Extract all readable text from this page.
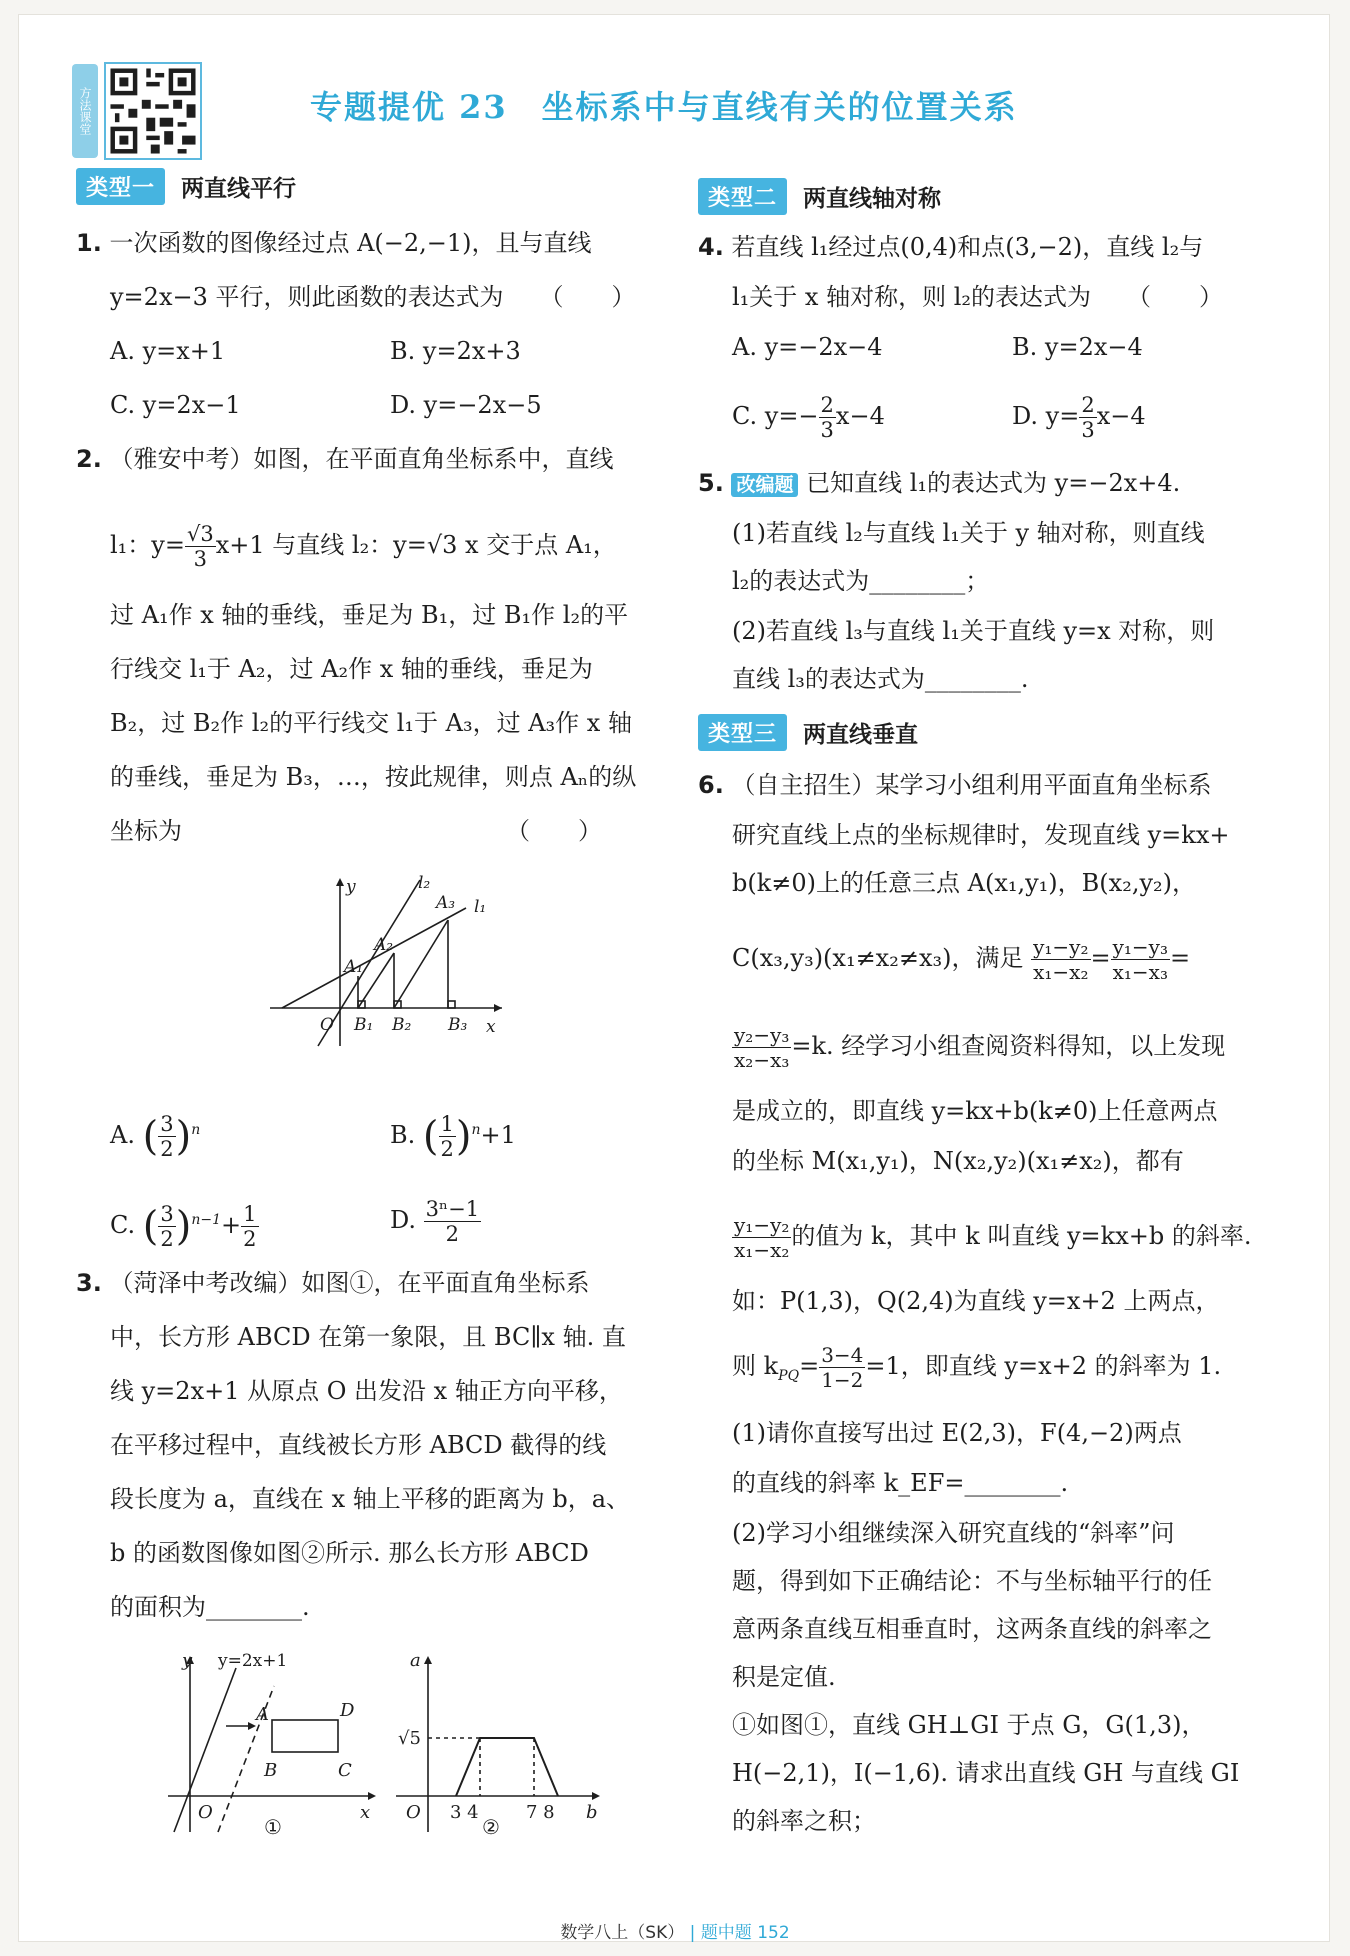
方法课堂	专题提优 23　坐标系中与直线有关的位置关系
类型一	两直线平行
1. 一次函数的图像经过点 A(−2,−1)，且与直线
y=2x−3 平行，则此函数的表达式为　　（　　）
A. y=x+1	B. y=2x+3
C. y=2x−1	D. y=−2x−5
2. （雅安中考）如图，在平面直角坐标系中，直线
l₁：$y= \frac{√3}{3} x+1$ 与直线 l₂：y=√3 x 交于点 A₁，
过 A₁作 x 轴的垂线，垂足为 B₁，过 B₁作 l₂的平
行线交 l₁于 A₂，过 A₂作 x 轴的垂线，垂足为
B₂，过 B₂作 l₂的平行线交 l₁于 A₃，过 A₃作 x 轴
的垂线，垂足为 B₃，…，按此规律，则点 Aₙ的纵
坐标为　　　　　　　　　　　　　　（　　）
y
x
O
l₁
l₂
A₁
A₂
A₃
B₁ B₂ B₃
A. ( $\frac{3}{2} )^n$	B. ( $\frac{1}{2} )^n+1$
C. ( $\frac{3}{2} )^{n-1}+ \frac{1}{2}$	D. $\frac{\text{3ⁿ−1}}{2}$
3. （菏泽中考改编）如图①，在平面直角坐标系
中，长方形 ABCD 在第一象限，且 BC∥x 轴. 直
线 y=2x+1 从原点 O 出发沿 x 轴正方向平移，
在平移过程中，直线被长方形 ABCD 截得的线
段长度为 a，直线在 x 轴上平移的距离为 b，a、
b 的函数图像如图②所示. 那么长方形 ABCD
的面积为________.
y y=2x+1
A	D
B	C
O	x
①
a
√5
O 3 4	7 8 b
②
类型二	两直线轴对称
4. 若直线 l₁经过点(0,4)和点(3,−2)，直线 l₂与
l₁关于 x 轴对称，则 l₂的表达式为　　（　　）
A. y=−2x−4	B. y=2x−4
C. $y=- \frac{2}{3} x-4$	D. $y= \frac{2}{3} x-4$
5. 改编题 已知直线 l₁的表达式为 y=−2x+4.
(1)若直线 l₂与直线 l₁关于 y 轴对称，则直线
l₂的表达式为________；
(2)若直线 l₃与直线 l₁关于直线 y=x 对称，则
直线 l₃的表达式为________.
类型三	两直线垂直
6. （自主招生）某学习小组利用平面直角坐标系
研究直线上点的坐标规律时，发现直线 y=kx+
b(k≠0)上的任意三点 A(x₁,y₁)，B(x₂,y₂)，
C(x₃,y₃)(x₁≠x₂≠x₃)，满足 $\frac{\text{y₁−y₂}}{\text{x₁−x₂}} = \frac{\text{y₁−y₃}}{\text{x₁−x₃}}$ =
$\frac{\text{y₂−y₃}}{\text{x₂−x₃}} =k$. 经学习小组查阅资料得知，以上发现
是成立的，即直线 y=kx+b(k≠0)上任意两点
的坐标 M(x₁,y₁)，N(x₂,y₂)(x₁≠x₂)，都有
$\frac{\text{y₁−y₂}}{\text{x₁−x₂}}$ 的值为 k，其中 k 叫直线 y=kx+b 的斜率.
如：P(1,3)，Q(2,4)为直线 y=x+2 上两点，
则 $k_{PQ}= \frac{3-4}{1-2} =1$，即直线 y=x+2 的斜率为 1.
(1)请你直接写出过 E(2,3)，F(4,−2)两点
的直线的斜率 k_EF=________.
(2)学习小组继续深入研究直线的“斜率”问
题，得到如下正确结论：不与坐标轴平行的任
意两条直线互相垂直时，这两条直线的斜率之
积是定值.
①如图①，直线 GH⊥GI 于点 G，G(1,3)，
H(−2,1)，I(−1,6). 请求出直线 GH 与直线 GI
的斜率之积；
数学八上（SK） | 题中题 152
